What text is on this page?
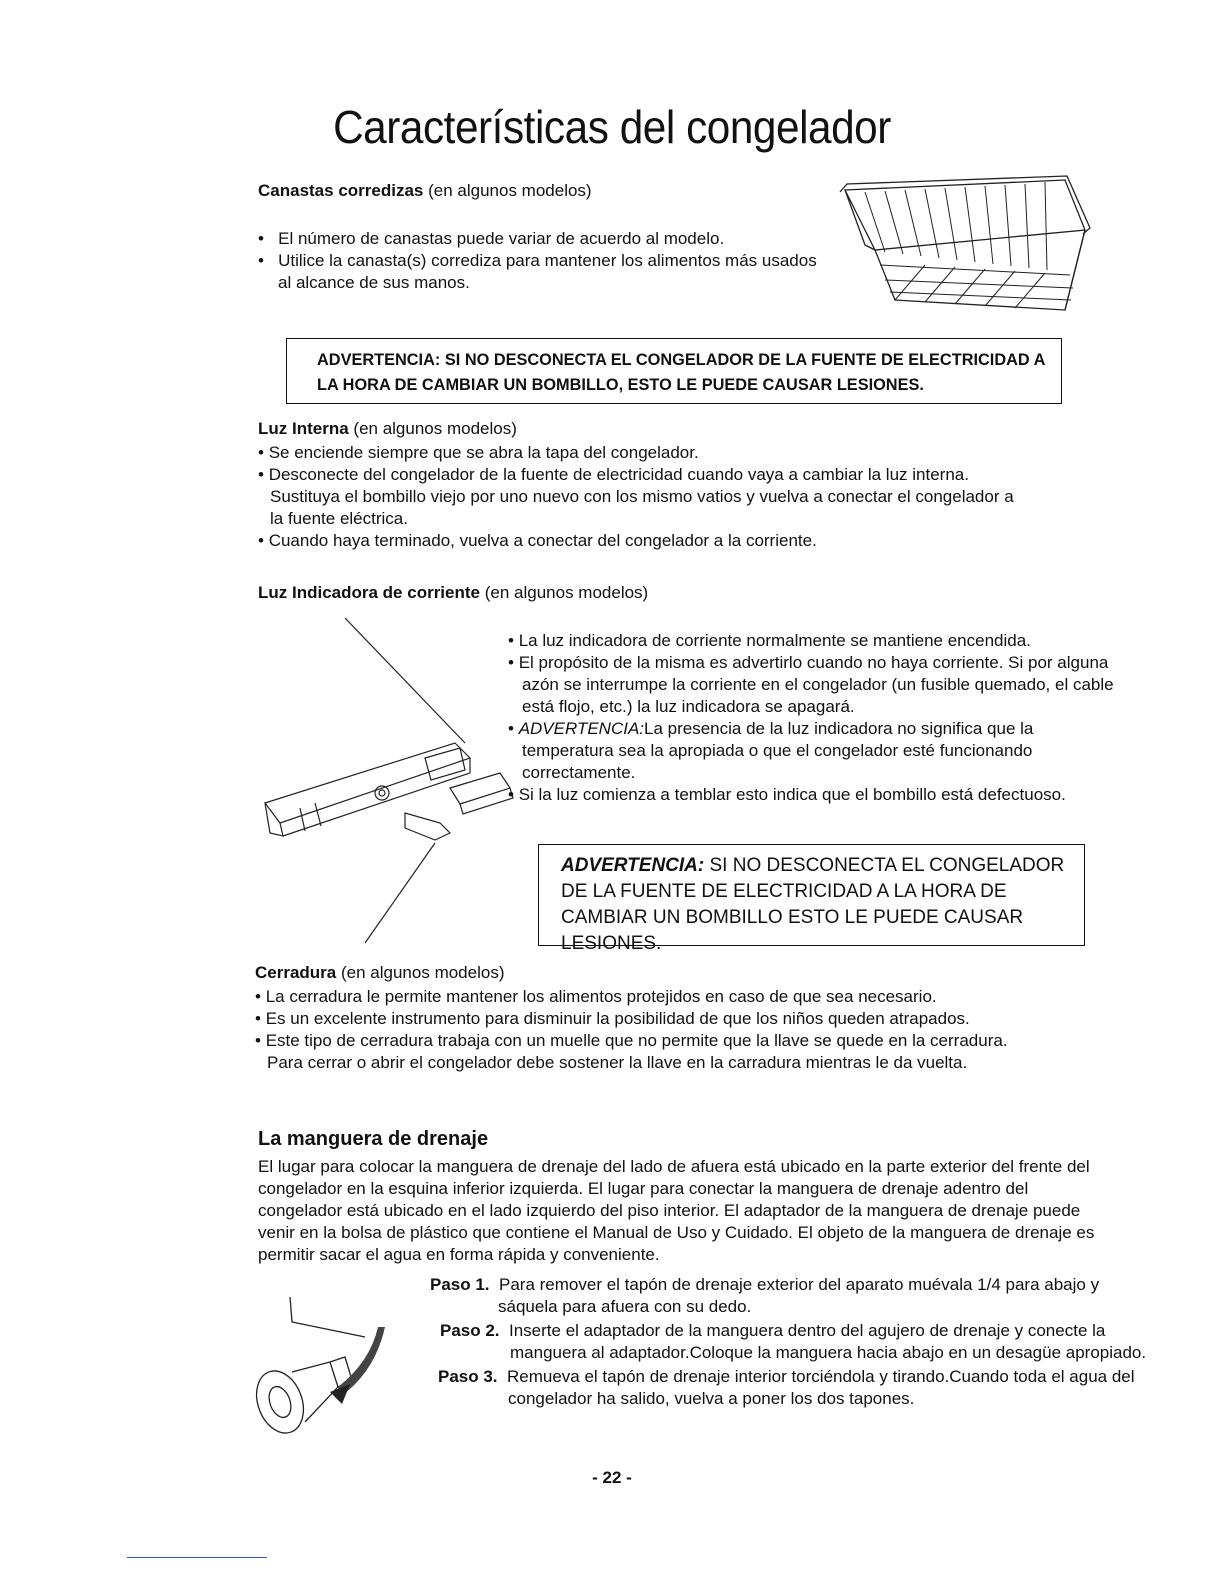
Características del congelador
Canastas corredizas (en algunos modelos)

•   El número de canastas puede variar de acuerdo al modelo.

•   Utilice la canasta(s) corrediza para mantener los alimentos más usados al alcance de sus manos.

ADVERTENCIA: SI NO DESCONECTA EL CONGELADOR DE LA FUENTE DE ELECTRICIDAD A LA HORA DE CAMBIAR UN BOMBILLO, ESTO LE PUEDE CAUSAR LESIONES.
Luz Interna (en algunos modelos)

• Se enciende siempre que se abra la tapa del congelador.

• Desconecte del congelador de la fuente de electricidad cuando vaya a cambiar la luz interna. Sustituya el bombillo viejo por uno nuevo con los mismo vatios y vuelva a conectar el congelador a la fuente eléctrica.

• Cuando haya terminado, vuelva a conectar del congelador a la corriente.

Luz Indicadora de corriente (en algunos modelos)

• La luz indicadora de corriente normalmente se mantiene encendida.

• El propósito de la misma es advertirlo cuando no haya corriente. Si por alguna azón se interrumpe la corriente en el congelador (un fusible quemado, el cable está flojo, etc.) la luz indicadora se apagará.

• ADVERTENCIA:La presencia de la luz indicadora no significa que la temperatura sea la apropiada o que el congelador esté funcionando correctamente.

• Si la luz comienza a temblar esto indica que el bombillo está defectuoso.

ADVERTENCIA: SI NO DESCONECTA EL CONGELADOR DE LA FUENTE DE ELECTRICIDAD A LA HORA DE CAMBIAR UN BOMBILLO ESTO LE PUEDE CAUSAR LESIONES.
Cerradura (en algunos modelos)

• La cerradura le permite mantener los alimentos protejidos en caso de que sea necesario.

• Es un excelente instrumento para disminuir la posibilidad de que los niños queden atrapados.

• Este tipo de cerradura trabaja con un muelle que no permite que la llave se quede en la cerradura. Para cerrar o abrir el congelador debe sostener la llave en la carradura mientras le da vuelta.

La manguera de drenaje
El lugar para colocar la manguera de drenaje del lado de afuera está ubicado en la parte exterior del frente del congelador en la esquina inferior izquierda. El lugar para conectar la manguera de drenaje adentro del congelador está ubicado en el lado izquierdo del piso interior. El adaptador de la manguera de drenaje puede venir en la bolsa de plástico que contiene el Manual de Uso y Cuidado. El objeto de la manguera de drenaje es permitir sacar el agua en forma rápida y conveniente.
Paso 1. Para remover el tapón de drenaje exterior del aparato muévala 1/4 para abajo y sáquela para afuera con su dedo.
Paso 2. Inserte el adaptador de la manguera dentro del agujero de drenaje y conecte la manguera al adaptador.Coloque la manguera hacia abajo en un desagüe apropiado.
Paso 3. Remueva el tapón de drenaje interior torciéndola y tirando.Cuando toda el agua del congelador ha salido, vuelva a poner los dos tapones.
- 22 -
